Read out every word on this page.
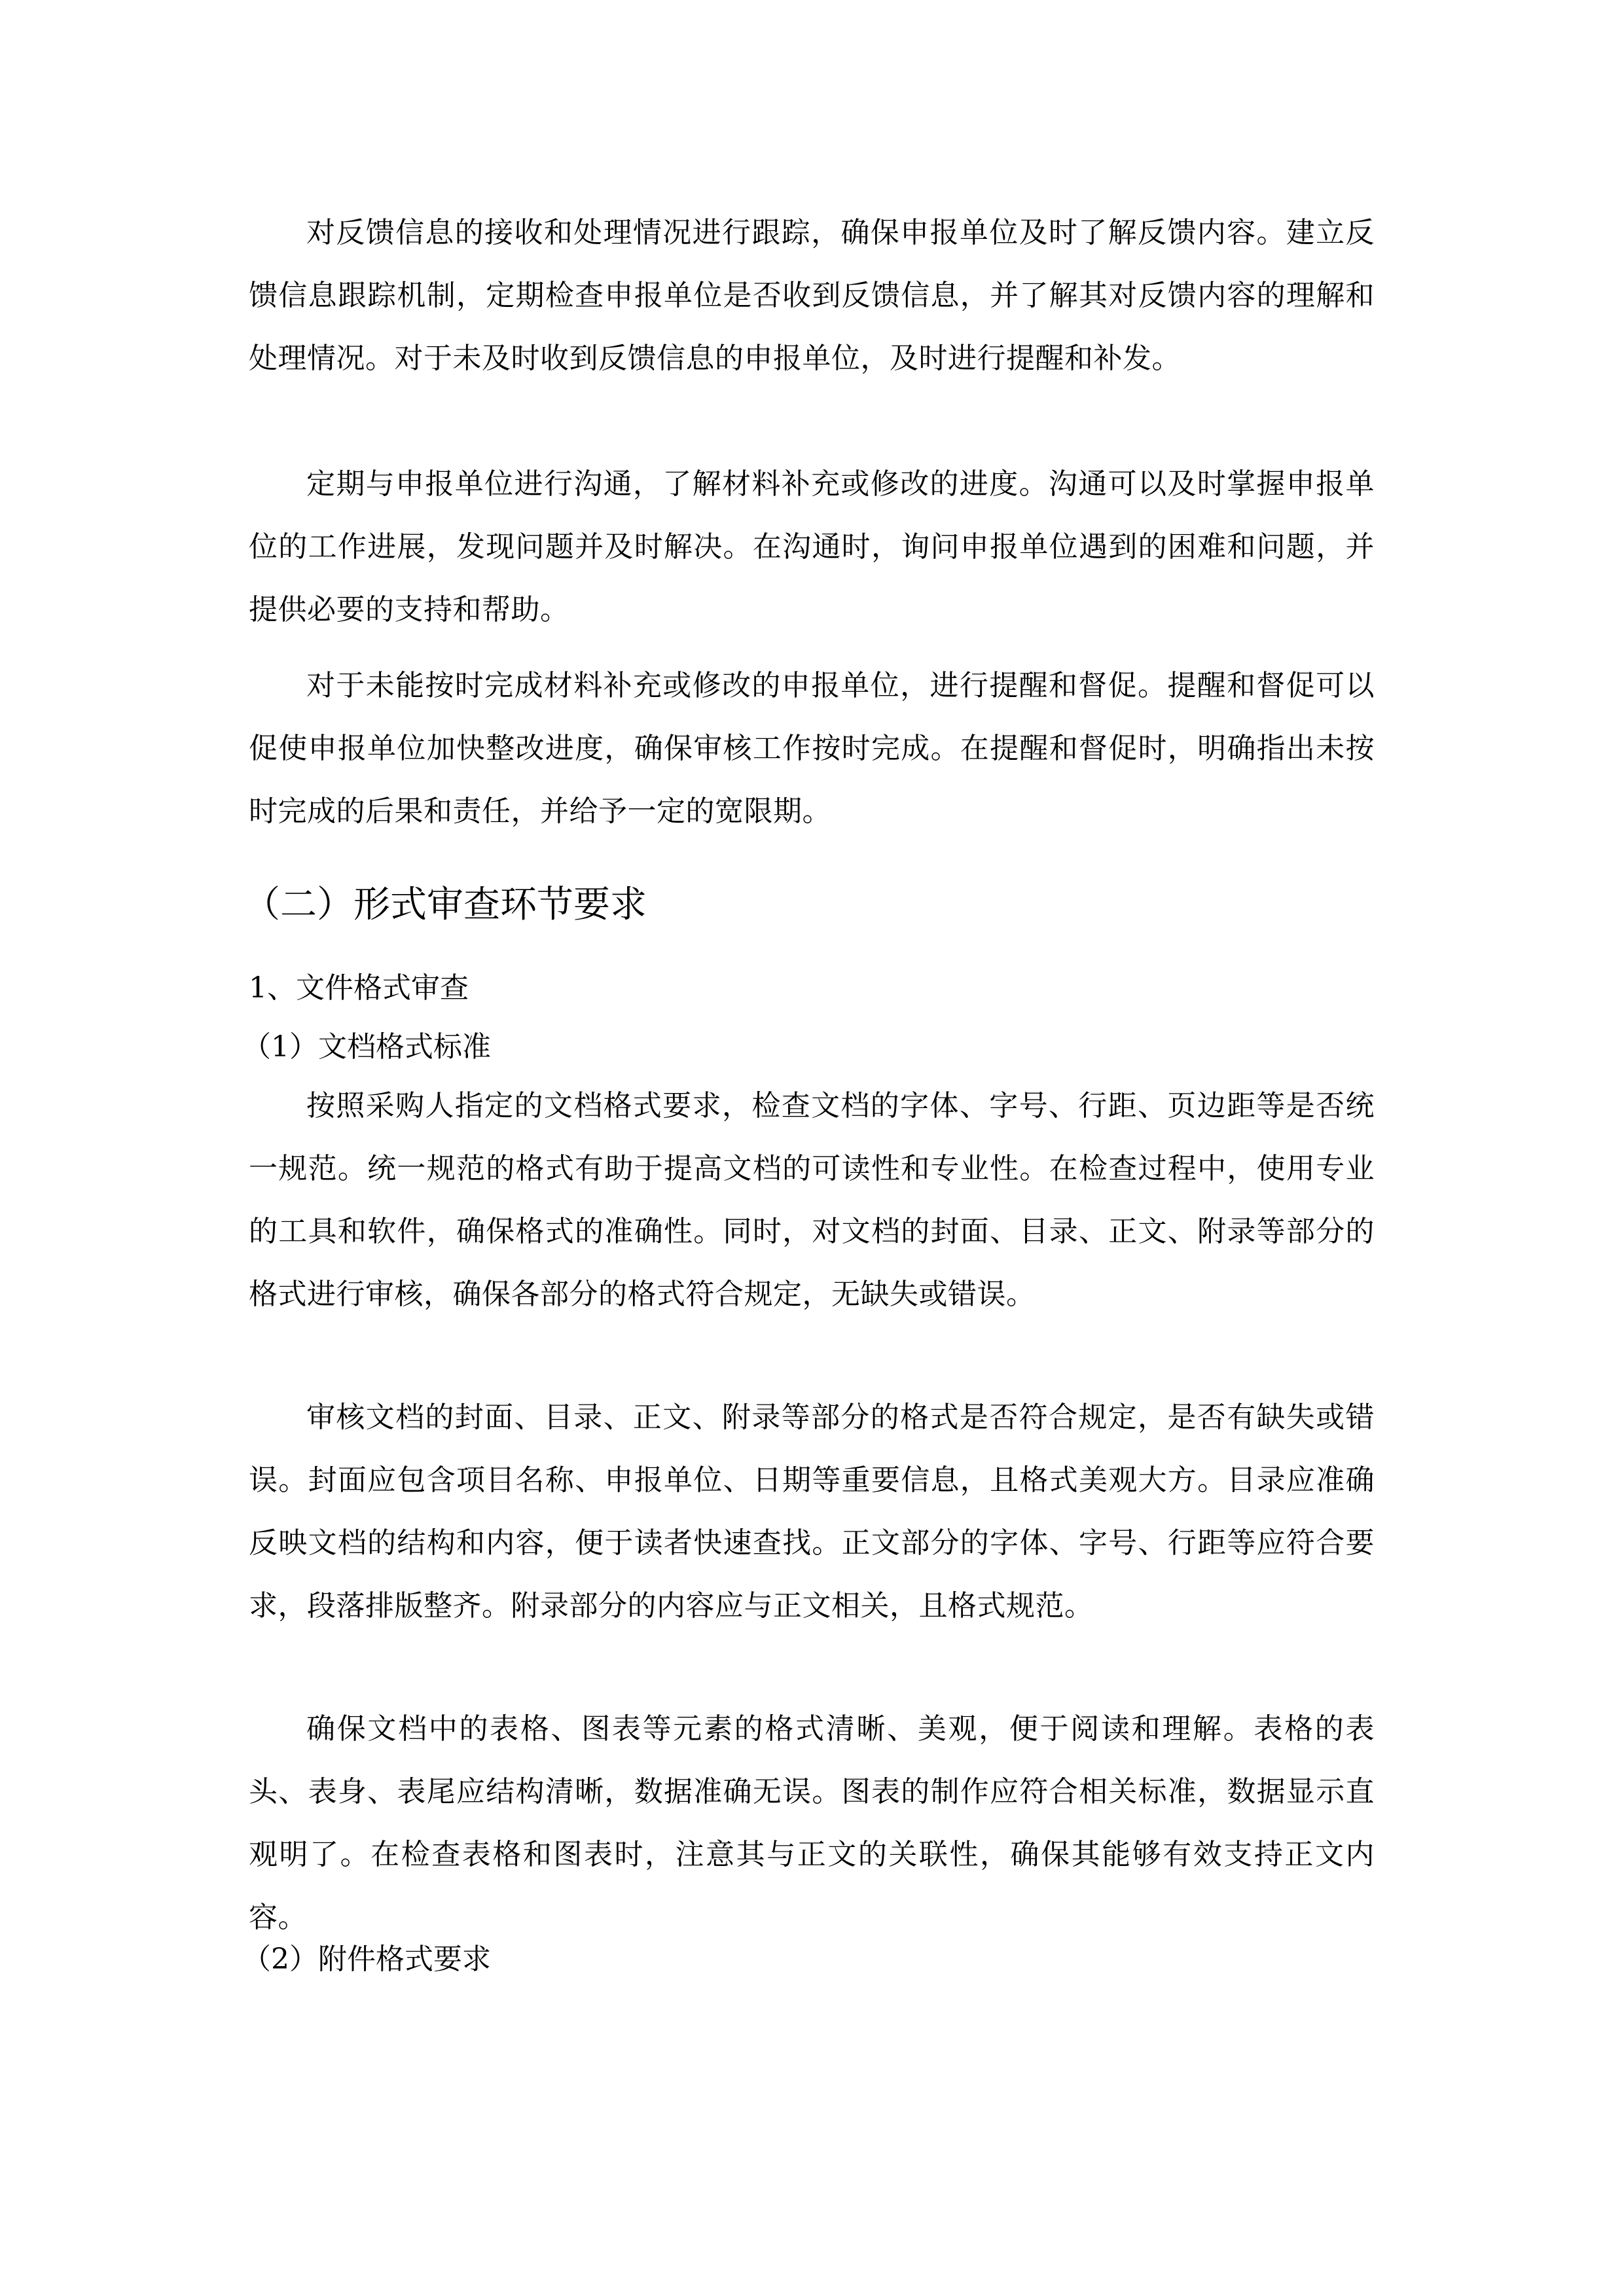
对反馈信息的接收和处理情况进行跟踪，确保申报单位及时了解反馈内容。建立反馈信息跟踪机制，定期检查申报单位是否收到反馈信息，并了解其对反馈内容的理解和处理情况。对于未及时收到反馈信息的申报单位，及时进行提醒和补发。

定期与申报单位进行沟通，了解材料补充或修改的进度。沟通可以及时掌握申报单位的工作进展，发现问题并及时解决。在沟通时，询问申报单位遇到的困难和问题，并提供必要的支持和帮助。

对于未能按时完成材料补充或修改的申报单位，进行提醒和督促。提醒和督促可以促使申报单位加快整改进度，确保审核工作按时完成。在提醒和督促时，明确指出未按时完成的后果和责任，并给予一定的宽限期。

（二）形式审查环节要求
1、文件格式审查
（1）文档格式标准

按照采购人指定的文档格式要求，检查文档的字体、字号、行距、页边距等是否统一规范。统一规范的格式有助于提高文档的可读性和专业性。在检查过程中，使用专业的工具和软件，确保格式的准确性。同时，对文档的封面、目录、正文、附录等部分的格式进行审核，确保各部分的格式符合规定，无缺失或错误。

审核文档的封面、目录、正文、附录等部分的格式是否符合规定，是否有缺失或错误。封面应包含项目名称、申报单位、日期等重要信息，且格式美观大方。目录应准确反映文档的结构和内容，便于读者快速查找。正文部分的字体、字号、行距等应符合要求，段落排版整齐。附录部分的内容应与正文相关，且格式规范。

确保文档中的表格、图表等元素的格式清晰、美观，便于阅读和理解。表格的表头、表身、表尾应结构清晰，数据准确无误。图表的制作应符合相关标准，数据显示直观明了。在检查表格和图表时，注意其与正文的关联性，确保其能够有效支持正文内容。

（2）附件格式要求
